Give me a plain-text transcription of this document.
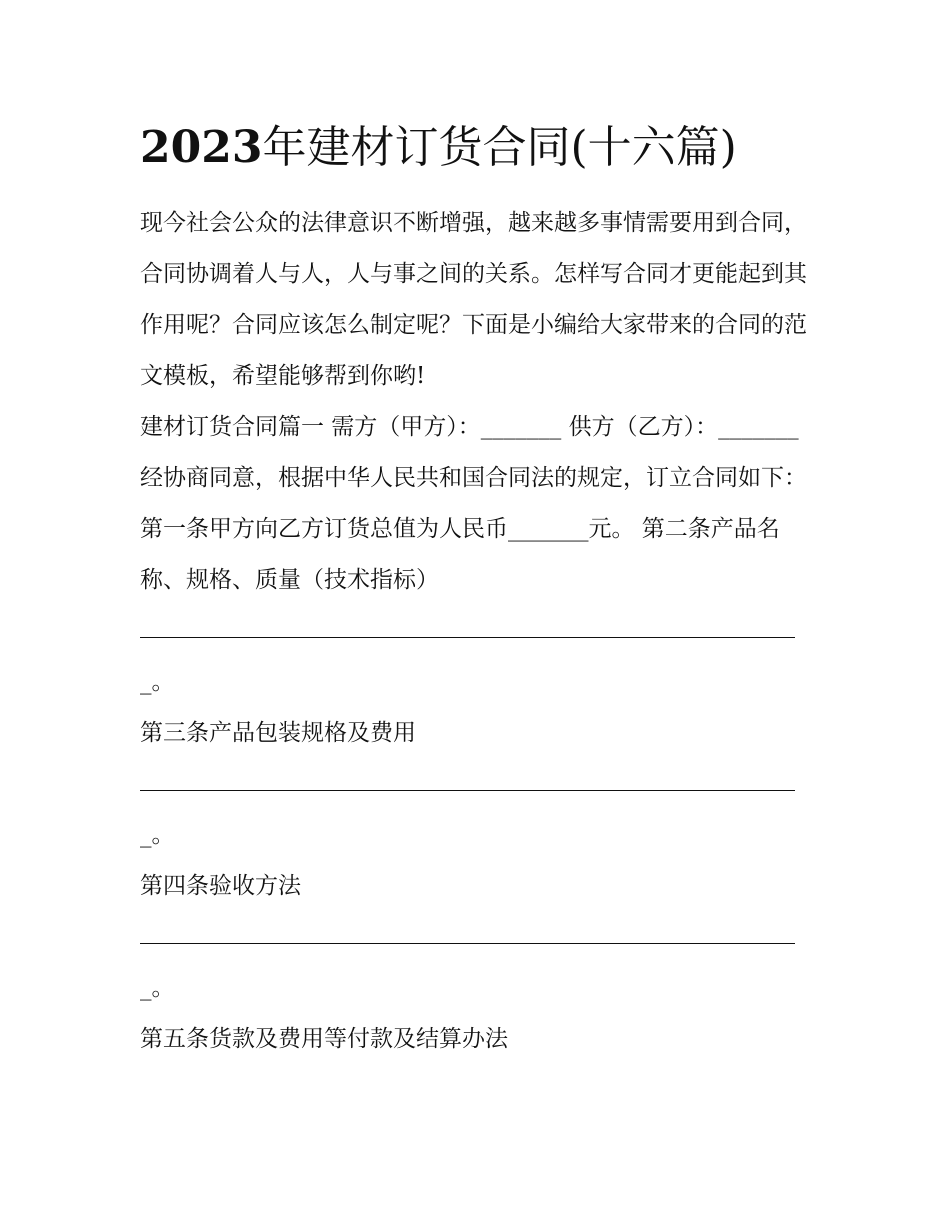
2023年建材订货合同(十六篇)

现今社会公众的法律意识不断增强，越来越多事情需要用到合同，合同协调着人与人，人与事之间的关系。怎样写合同才更能起到其作用呢？合同应该怎么制定呢？下面是小编给大家带来的合同的范文模板，希望能够帮到你哟!

建材订货合同篇一 需方（甲方）：_______ 供方（乙方）：_______ 经协商同意，根据中华人民共和国合同法的规定，订立合同如下：

第一条甲方向乙方订货总值为人民币_______元。 第二条产品名称、规格、质量（技术指标）

_。

第三条产品包装规格及费用

_。

第四条验收方法

_。

第五条货款及费用等付款及结算办法
